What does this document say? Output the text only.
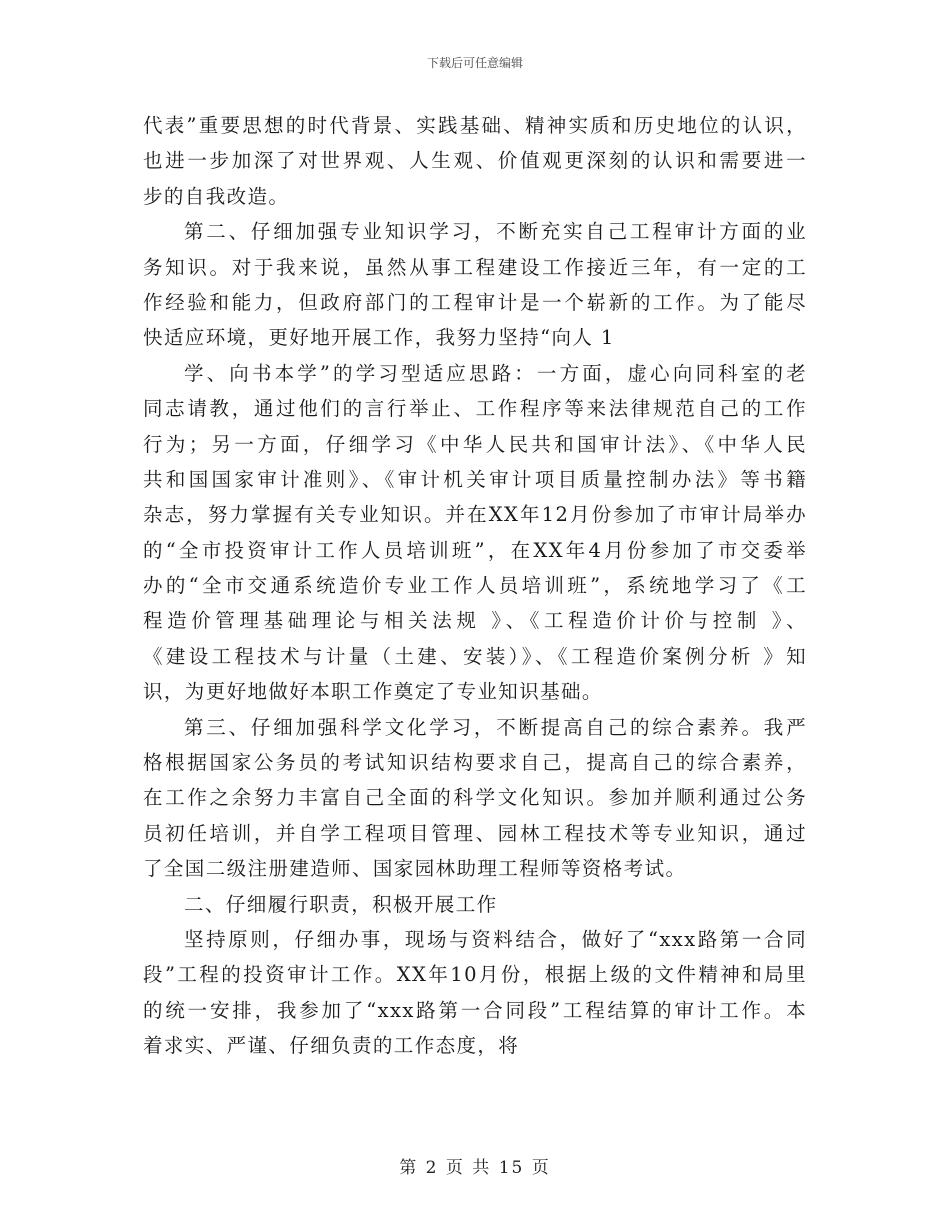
下载后可任意编辑
代表”重要思想的时代背景、实践基础、精神实质和历史地位的认识，
也进一步加深了对世界观、人生观、价值观更深刻的认识和需要进一
步的自我改造。
第二、仔细加强专业知识学习，不断充实自己工程审计方面的业
务知识。对于我来说，虽然从事工程建设工作接近三年，有一定的工
作经验和能力，但政府部门的工程审计是一个崭新的工作。为了能尽
快适应环境，更好地开展工作，我努力坚持“向人 1
学、向书本学”的学习型适应思路：一方面，虚心向同科室的老
同志请教，通过他们的言行举止、工作程序等来法律规范自己的工作
行为；另一方面，仔细学习《中华人民共和国审计法》、《中华人民
共和国国家审计准则》、《审计机关审计项目质量控制办法》等书籍
杂志，努力掌握有关专业知识。并在XX年12月份参加了市审计局举办
的“全市投资审计工作人员培训班”，在XX年4月份参加了市交委举
办的“全市交通系统造价专业工作人员培训班”，系统地学习了《工
程造价管理基础理论与相关法规 》、《工程造价计价与控制 》、
《建设工程技术与计量（土建、安装）》、《工程造价案例分析 》知
识，为更好地做好本职工作奠定了专业知识基础。
第三、仔细加强科学文化学习，不断提高自己的综合素养。我严
格根据国家公务员的考试知识结构要求自己，提高自己的综合素养，
在工作之余努力丰富自己全面的科学文化知识。参加并顺利通过公务
员初任培训，并自学工程项目管理、园林工程技术等专业知识，通过
了全国二级注册建造师、国家园林助理工程师等资格考试。
二、仔细履行职责，积极开展工作
坚持原则，仔细办事，现场与资料结合，做好了“xxx路第一合同
段”工程的投资审计工作。XX年10月份，根据上级的文件精神和局里
的统一安排，我参加了“xxx路第一合同段”工程结算的审计工作。本
着求实、严谨、仔细负责的工作态度，将
第 2 页 共 15 页
